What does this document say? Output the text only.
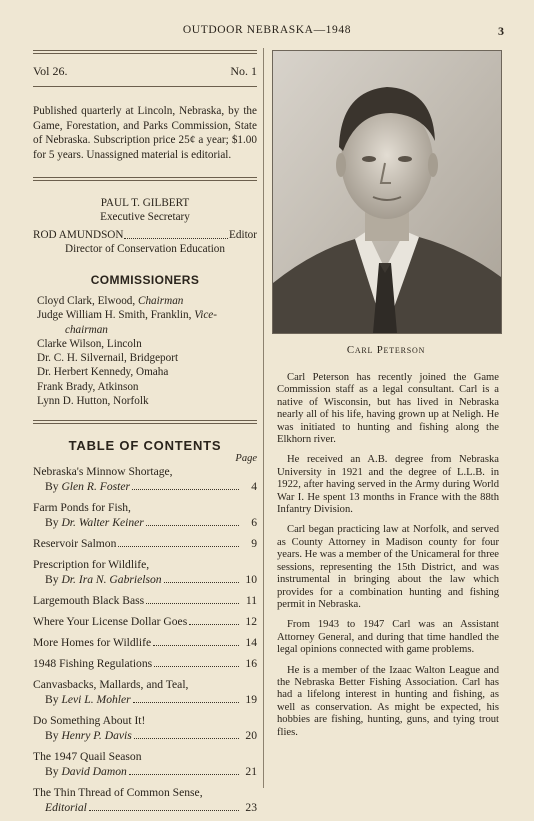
OUTDOOR NEBRASKA—1948	3
Vol 26.	No. 1
Published quarterly at Lincoln, Nebraska, by the Game, Forestation, and Parks Commission, State of Nebraska. Subscription price 25¢ a year; $1.00 for 5 years. Unassigned material is editorial.
PAUL T. GILBERT
Executive Secretary
ROD AMUNDSON	Editor
Director of Conservation Education
COMMISSIONERS
Cloyd Clark, Elwood, Chairman
Judge William H. Smith, Franklin, Vice-
chairman
Clarke Wilson, Lincoln
Dr. C. H. Silvernail, Bridgeport
Dr. Herbert Kennedy, Omaha
Frank Brady, Atkinson
Lynn D. Hutton, Norfolk
TABLE OF CONTENTS
Page
Nebraska's Minnow Shortage,
By Glen R. Foster	4
Farm Ponds for Fish,
By Dr. Walter Keiner	6
Reservoir Salmon	9
Prescription for Wildlife,
By Dr. Ira N. Gabrielson	10
Largemouth Black Bass	11
Where Your License Dollar Goes	12
More Homes for Wildlife	14
1948 Fishing Regulations	16
Canvasbacks, Mallards, and Teal,
By Levi L. Mohler	19
Do Something About It!
By Henry P. Davis	20
The 1947 Quail Season
By David Damon	21
The Thin Thread of Common Sense,
Editorial	23
Carl Peterson

Carl Peterson has recently joined the Game Commission staff as a legal consultant. Carl is a native of Wisconsin, but has lived in Nebraska nearly all of his life, having grown up at Neligh. He was initiated to hunting and fishing along the Elkhorn river.

He received an A.B. degree from Nebraska University in 1921 and the degree of L.L.B. in 1922, after having served in the Army during World War I. He spent 13 months in France with the 88th Infantry Division.

Carl began practicing law at Norfolk, and served as County Attorney in Madison county for four years. He was a member of the Unicameral for three sessions, representing the 15th District, and was instrumental in bringing about the law which provides for a combination hunting and fishing permit in Nebraska.

From 1943 to 1947 Carl was an Assistant Attorney General, and during that time handled the legal opinions connected with game problems.

He is a member of the Izaac Walton League and the Nebraska Better Fishing Association. Carl has had a lifelong interest in hunting and fishing, as well as conservation. As might be expected, his hobbies are fishing, hunting, guns, and tying trout flies.
